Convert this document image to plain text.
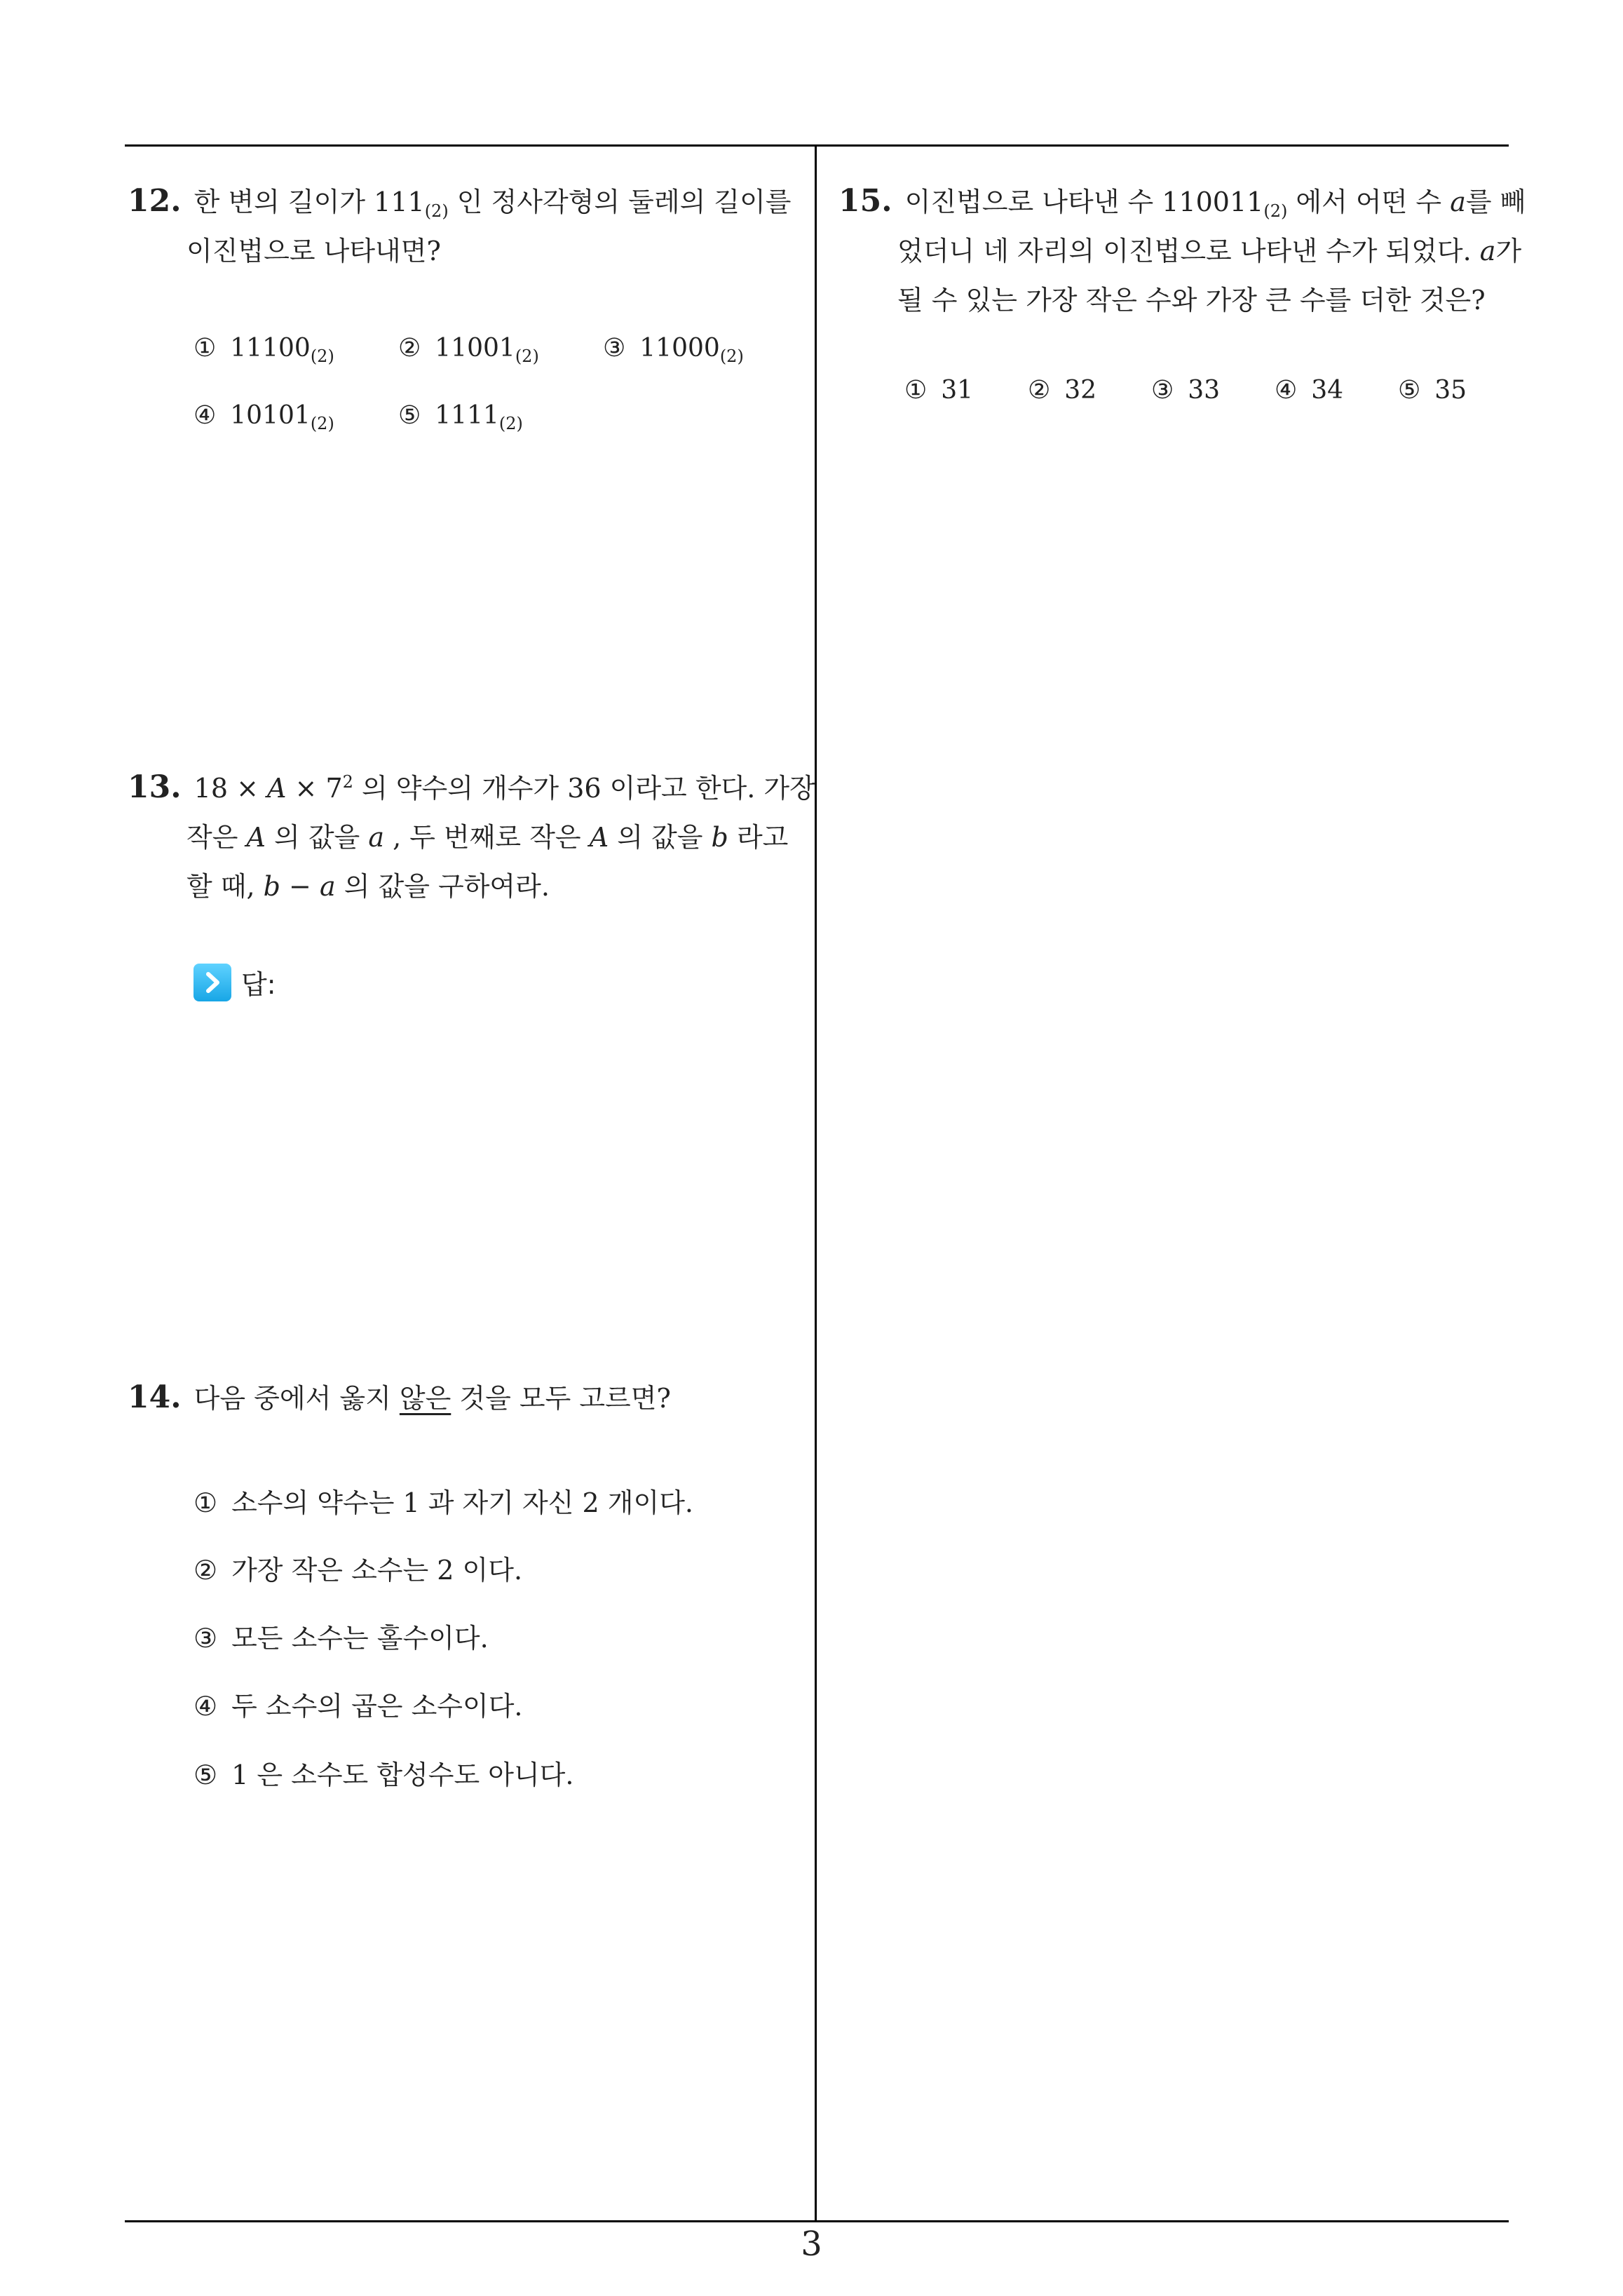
12. 한 변의 길이가 $111_{(2)}$ 인 정사각형의 둘레의 길이를
이진법으로 나타내면?
① $11100_{(2)}$	② $11001_{(2)}$	③ $11000_{(2)}$
④ $10101_{(2)}$	⑤ $1111_{(2)}$
13. $18 \times A \times 7^2$ 의 약수의 개수가 36 이라고 한다. 가장
작은 A 의 값을 a , 두 번째로 작은 A 의 값을 b 라고
할 때, b − a 의 값을 구하여라.
답:
14. 다음 중에서 옳지 않은 것을 모두 고르면?
① 소수의 약수는 1 과 자기 자신 2 개이다.
② 가장 작은 소수는 2 이다.
③ 모든 소수는 홀수이다.
④ 두 소수의 곱은 소수이다.
⑤ 1 은 소수도 합성수도 아니다.
15. 이진법으로 나타낸 수 $110011_{(2)}$ 에서 어떤 수 a를 빼
었더니 네 자리의 이진법으로 나타낸 수가 되었다. a가
될 수 있는 가장 작은 수와 가장 큰 수를 더한 것은?
① 31 ② 32 ③ 33 ④ 34 ⑤ 35
3
